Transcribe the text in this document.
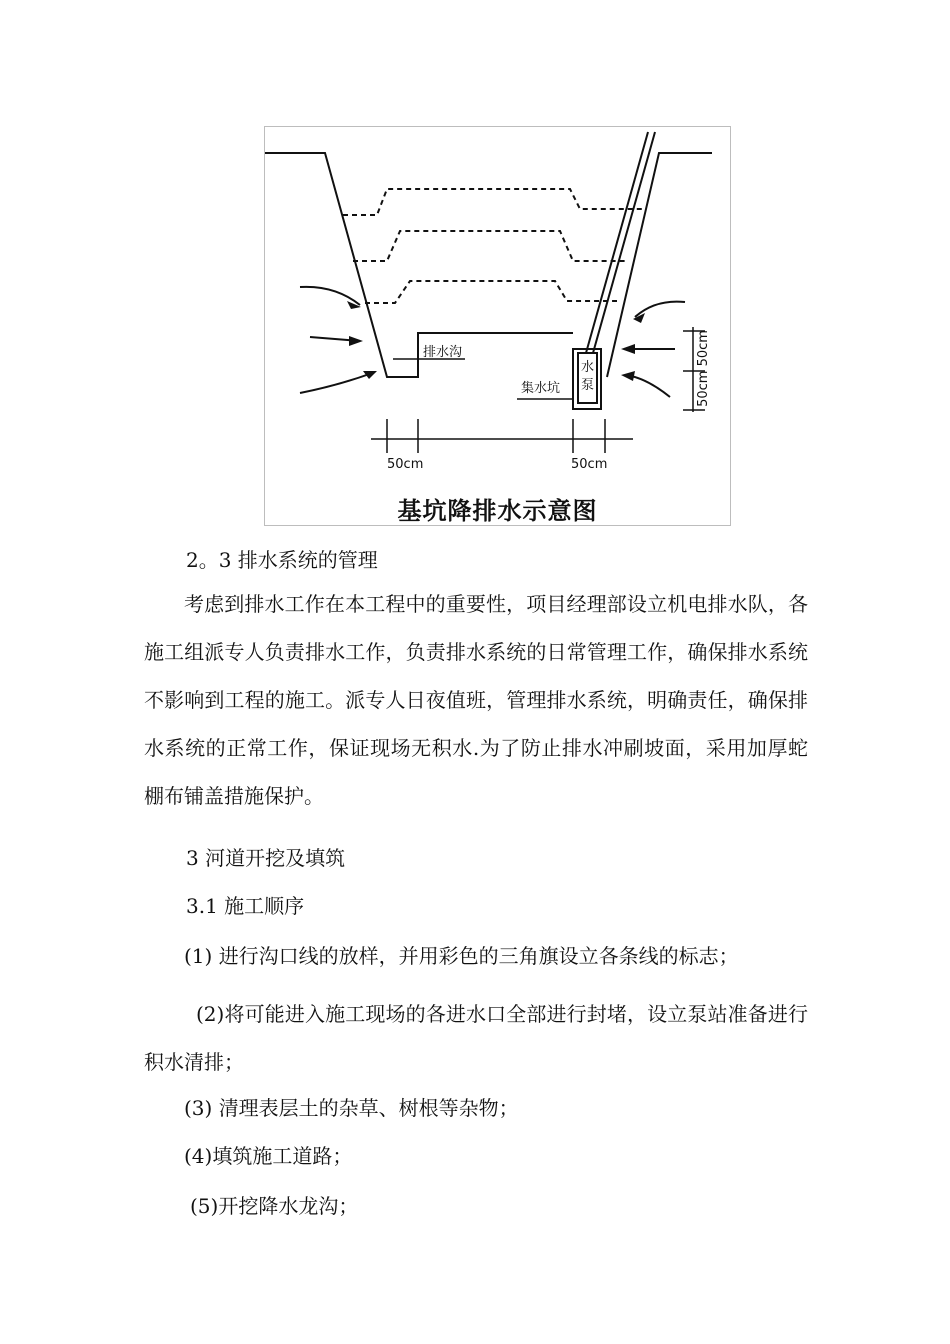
排水沟
集水坑
水泵
50cm	50cm
50cm 50cm
基坑降排水示意图
2。3 排水系统的管理

考虑到排水工作在本工程中的重要性，项目经理部设立机电排水队，各施工组派专人负责排水工作，负责排水系统的日常管理工作，确保排水系统不影响到工程的施工。派专人日夜值班，管理排水系统，明确责任，确保排水系统的正常工作，保证现场无积水.为了防止排水冲刷坡面，采用加厚蛇棚布铺盖措施保护。

3 河道开挖及填筑
3.1 施工顺序
(1) 进行沟口线的放样，并用彩色的三角旗设立各条线的标志；

(2)将可能进入施工现场的各进水口全部进行封堵，设立泵站准备进行积水清排；

(3) 清理表层土的杂草、树根等杂物；
(4)填筑施工道路；
(5)开挖降水龙沟；
